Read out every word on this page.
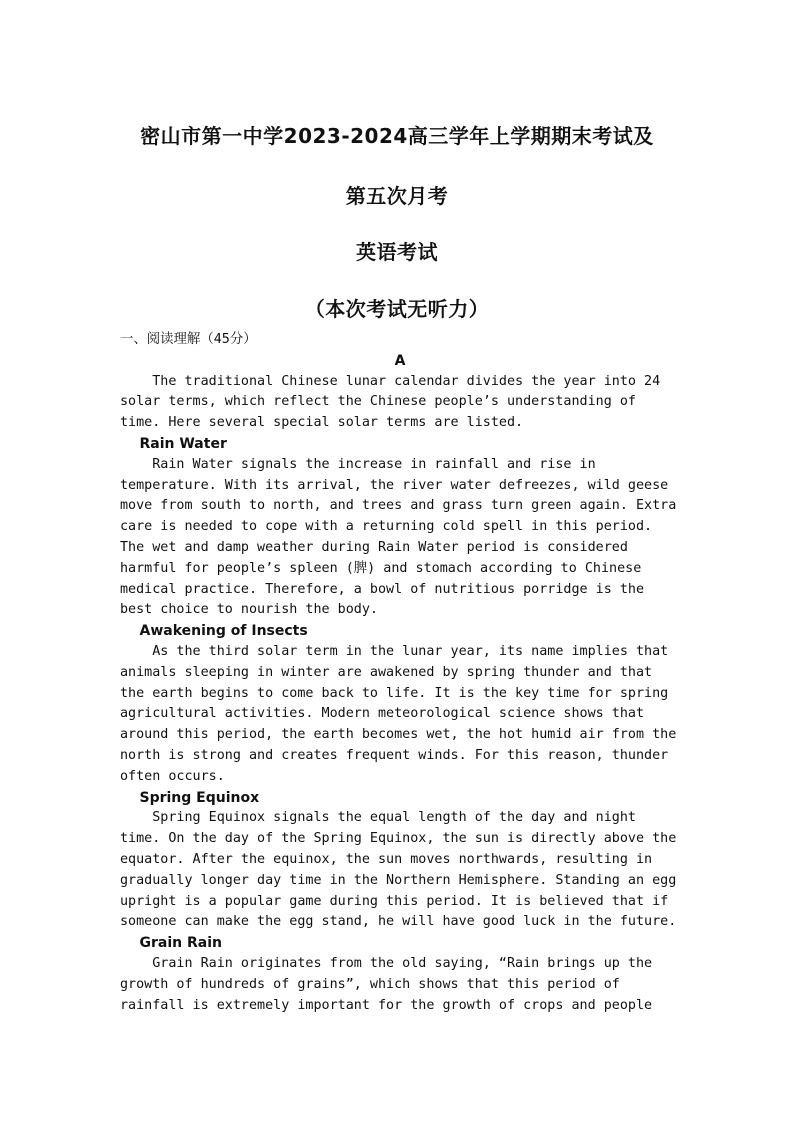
密山市第一中学2023-2024高三学年上学期期末考试及
第五次月考
英语考试
（本次考试无听力）
一、阅读理解（45分）
A
The traditional Chinese lunar calendar divides the year into 24
solar terms, which reflect the Chinese people’s understanding of
time. Here several special solar terms are listed.
Rain Water
Rain Water signals the increase in rainfall and rise in
temperature. With its arrival, the river water defreezes, wild geese
move from south to north, and trees and grass turn green again. Extra
care is needed to cope with a returning cold spell in this period.
The wet and damp weather during Rain Water period is considered
harmful for people’s spleen (脾) and stomach according to Chinese
medical practice. Therefore, a bowl of nutritious porridge is the
best choice to nourish the body.
Awakening of Insects
As the third solar term in the lunar year, its name implies that
animals sleeping in winter are awakened by spring thunder and that
the earth begins to come back to life. It is the key time for spring
agricultural activities. Modern meteorological science shows that
around this period, the earth becomes wet, the hot humid air from the
north is strong and creates frequent winds. For this reason, thunder
often occurs.
Spring Equinox
Spring Equinox signals the equal length of the day and night
time. On the day of the Spring Equinox, the sun is directly above the
equator. After the equinox, the sun moves northwards, resulting in
gradually longer day time in the Northern Hemisphere. Standing an egg
upright is a popular game during this period. It is believed that if
someone can make the egg stand, he will have good luck in the future.
Grain Rain
Grain Rain originates from the old saying, “Rain brings up the
growth of hundreds of grains”, which shows that this period of
rainfall is extremely important for the growth of crops and people
